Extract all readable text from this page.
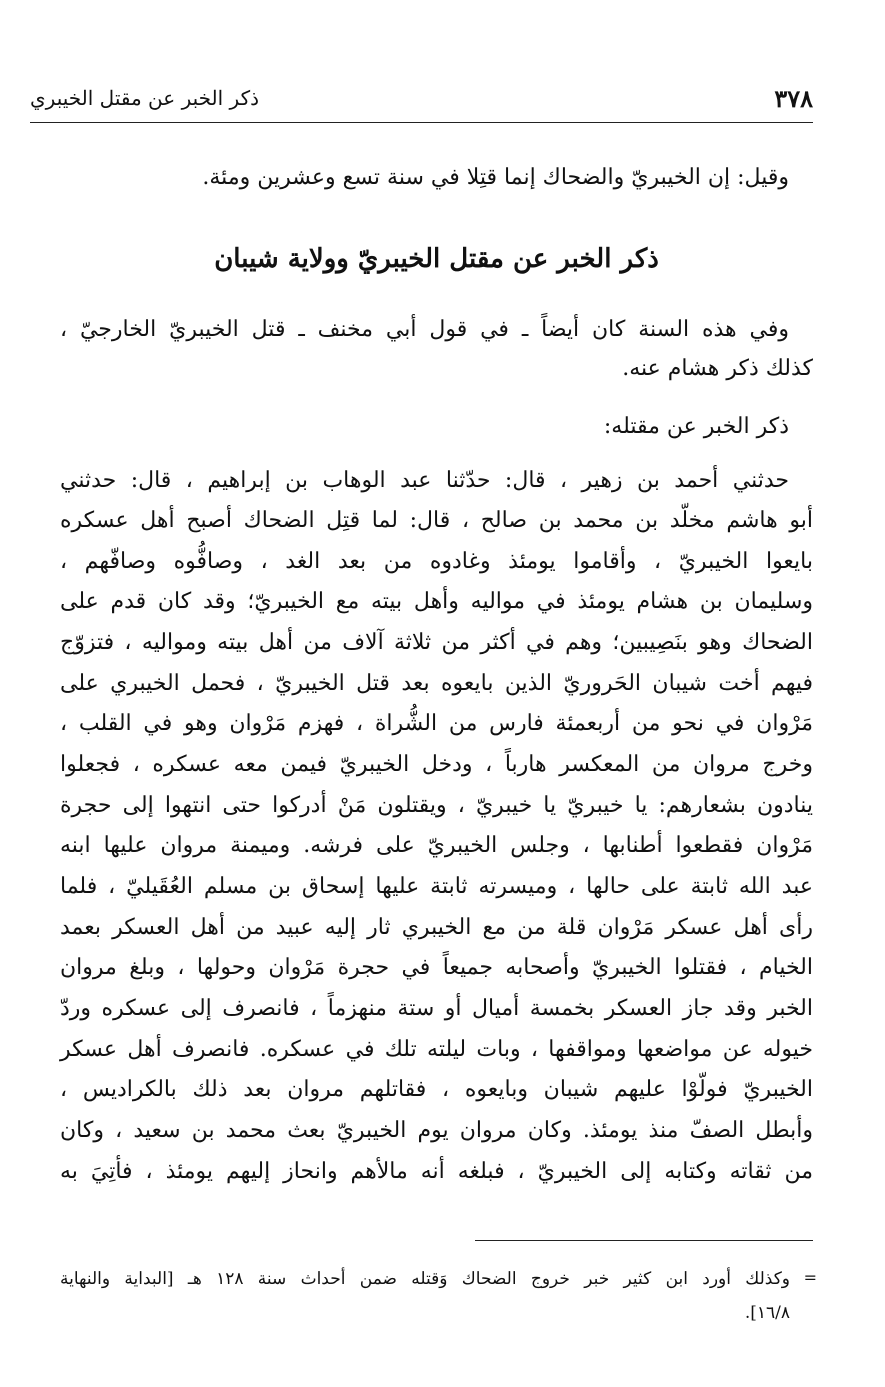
٣٧٨
ذكر الخبر عن مقتل الخيبري
وقيل: إن الخيبريّ والضحاك إنما قتِلا في سنة تسع وعشرين ومئة.
ذكر الخبر عن مقتل الخيبريّ وولاية شيبان
وفي هذه السنة كان أيضاً ـ في قول أبي مخنف ـ قتل الخيبريّ الخارجيّ ،
كذلك ذكر هشام عنه.
ذكر الخبر عن مقتله:
حدثني أحمد بن زهير ، قال: حدّثنا عبد الوهاب بن إبراهيم ، قال: حدثني
أبو هاشم مخلّد بن محمد بن صالح ، قال: لما قتِل الضحاك أصبح أهل عسكره
بايعوا الخيبريّ ، وأقاموا يومئذ وغادوه من بعد الغد ، وصافُّوه وصافّهم ،
وسليمان بن هشام يومئذ في مواليه وأهل بيته مع الخيبريّ؛ وقد كان قدم على
الضحاك وهو بنَصِيبين؛ وهم في أكثر من ثلاثة آلاف من أهل بيته ومواليه ، فتزوّج
فيهم أخت شيبان الحَروريّ الذين بايعوه بعد قتل الخيبريّ ، فحمل الخيبري على
مَرْوان في نحو من أربعمئة فارس من الشُّراة ، فهزم مَرْوان وهو في القلب ،
وخرج مروان من المعكسر هارباً ، ودخل الخيبريّ فيمن معه عسكره ، فجعلوا
ينادون بشعارهم: يا خيبريّ يا خيبريّ ، ويقتلون مَنْ أدركوا حتى انتهوا إلى حجرة
مَرْوان فقطعوا أطنابها ، وجلس الخيبريّ على فرشه. وميمنة مروان عليها ابنه
عبد الله ثابتة على حالها ، وميسرته ثابتة عليها إسحاق بن مسلم العُقَيليّ ، فلما
رأى أهل عسكر مَرْوان قلة من مع الخيبري ثار إليه عبيد من أهل العسكر بعمد
الخيام ، فقتلوا الخيبريّ وأصحابه جميعاً في حجرة مَرْوان وحولها ، وبلغ مروان
الخبر وقد جاز العسكر بخمسة أميال أو ستة منهزماً ، فانصرف إلى عسكره وردّ
خيوله عن مواضعها ومواقفها ، وبات ليلته تلك في عسكره. فانصرف أهل عسكر
الخيبريّ فولّوْا عليهم شيبان وبايعوه ، فقاتلهم مروان بعد ذلك بالكراديس ،
وأبطل الصفّ منذ يومئذ. وكان مروان يوم الخيبريّ بعث محمد بن سعيد ، وكان
من ثقاته وكتابه إلى الخيبريّ ، فبلغه أنه مالأهم وانحاز إليهم يومئذ ، فأتِيَ به
=
وكذلك أورد ابن كثير خبر خروج الضحاك وَقتله ضمن أحداث سنة ١٢٨ هـ [البداية والنهاية
١٦/٨].
